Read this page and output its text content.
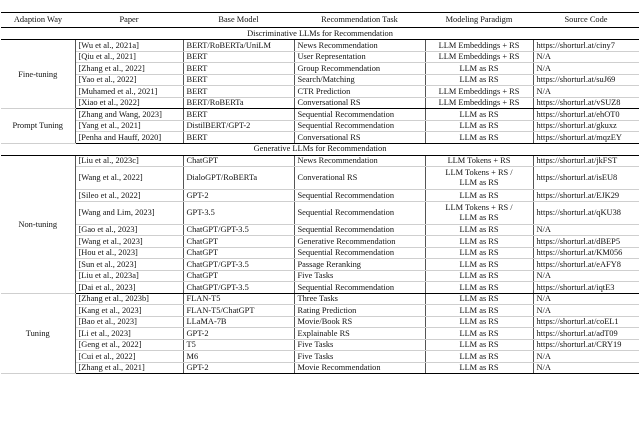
Adaption Way	Paper	Base Model	Recommendation Task	Modeling Paradigm	Source Code
Discriminative LLMs for Recommendation					
Fine-tuning	[Wu et al., 2021a]	BERT/RoBERTa/UniLM	News Recommendation	LLM Embeddings + RS	https://shorturl.at/ciny7
	[Qiu et al., 2021]	BERT	User Representation	LLM Embeddings + RS	N/A
	[Zhang et al., 2022]	BERT	Group Recommendation	LLM as RS	N/A
	[Yao et al., 2022]	BERT	Search/Matching	LLM as RS	https://shorturl.at/suJ69
	[Muhamed et al., 2021]	BERT	CTR Prediction	LLM Embeddings + RS	N/A
	[Xiao et al., 2022]	BERT/RoBERTa	Conversational RS	LLM Embeddings + RS	https://shorturl.at/vSUZ8
Prompt Tuning	[Zhang and Wang, 2023]	BERT	Sequential Recommendation	LLM as RS	https://shorturl.at/ehOT0
	[Yang et al., 2021]	DistilBERT/GPT-2	Sequential Recommendation	LLM as RS	https://shorturl.at/gkuxz
	[Penha and Hauff, 2020]	BERT	Conversational RS	LLM as RS	https://shorturl.at/mqzEY
Generative LLMs for Recommendation					
Non-tuning	[Liu et al., 2023c]	ChatGPT	News Recommendation	LLM Tokens + RS	https://shorturl.at/jkFST
	[Wang et al., 2022]	DialoGPT/RoBERTa	Converational RS	LLM Tokens + RS /
LLM as RS	https://shorturl.at/isEU8
	[Sileo et al., 2022]	GPT-2	Sequential Recommendation	LLM as RS	https://shorturl.at/EJK29
	[Wang and Lim, 2023]	GPT-3.5	Sequential Recommendation	LLM Tokens + RS /
LLM as RS	https://shorturl.at/qKU38
	[Gao et al., 2023]	ChatGPT/GPT-3.5	Sequential Recommendation	LLM as RS	N/A
	[Wang et al., 2023]	ChatGPT	Generative Recommendation	LLM as RS	https://shorturl.at/dBEP5
	[Hou et al., 2023]	ChatGPT	Sequential Recommendation	LLM as RS	https://shorturl.at/KM056
	[Sun et al., 2023]	ChatGPT/GPT-3.5	Passage Reranking	LLM as RS	https://shorturl.at/eAFY8
	[Liu et al., 2023a]	ChatGPT	Five Tasks	LLM as RS	N/A
	[Dai et al., 2023]	ChatGPT/GPT-3.5	Sequential Recommendation	LLM as RS	https://shorturl.at/iqtE3
Tuning	[Zhang et al., 2023b]	FLAN-T5	Three Tasks	LLM as RS	N/A
	[Kang et al., 2023]	FLAN-T5/ChatGPT	Rating Prediction	LLM as RS	N/A
	[Bao et al., 2023]	LLaMA-7B	Movie/Book RS	LLM as RS	https://shorturl.at/coEL1
	[Li et al., 2023]	GPT-2	Explainable RS	LLM as RS	https://shorturl.at/adT09
	[Geng et al., 2022]	T5	Five Tasks	LLM as RS	https://shorturl.at/CRY19
	[Cui et al., 2022]	M6	Five Tasks	LLM as RS	N/A
	[Zhang et al., 2021]	GPT-2	Movie Recommendation	LLM as RS	N/A
